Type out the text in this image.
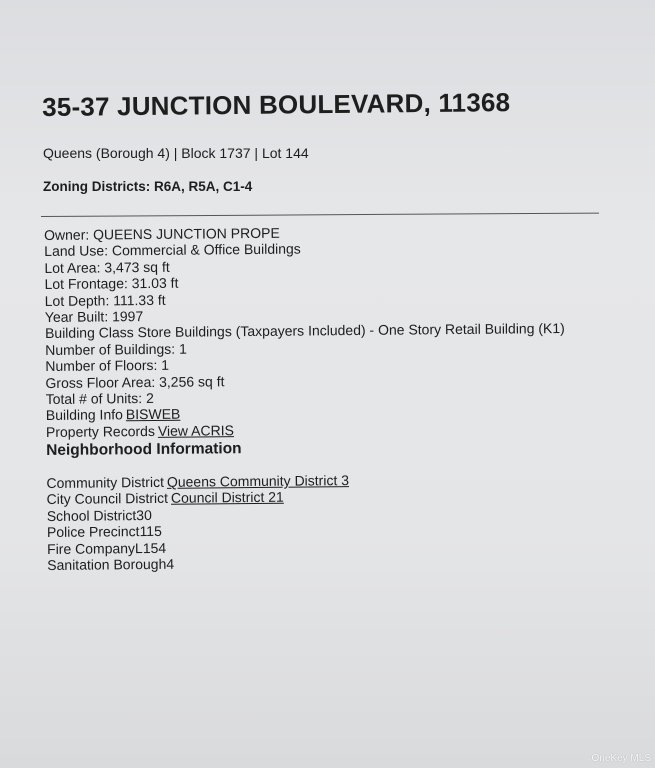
35-37 JUNCTION BOULEVARD, 11368
Queens (Borough 4) | Block 1737 | Lot 144
Zoning Districts: R6A, R5A, C1-4
Owner: QUEENS JUNCTION PROPE
Land Use: Commercial & Office Buildings
Lot Area: 3,473 sq ft
Lot Frontage: 31.03 ft
Lot Depth: 111.33 ft
Year Built: 1997
Building Class Store Buildings (Taxpayers Included) - One Story Retail Building (K1)
Number of Buildings: 1
Number of Floors: 1
Gross Floor Area: 3,256 sq ft
Total # of Units: 2
Building Info BISWEB
Property Records View ACRIS
Neighborhood Information
Community District Queens Community District 3
City Council District Council District 21
School District30
Police Precinct115
Fire CompanyL154
Sanitation Borough4
OneKey MLS
